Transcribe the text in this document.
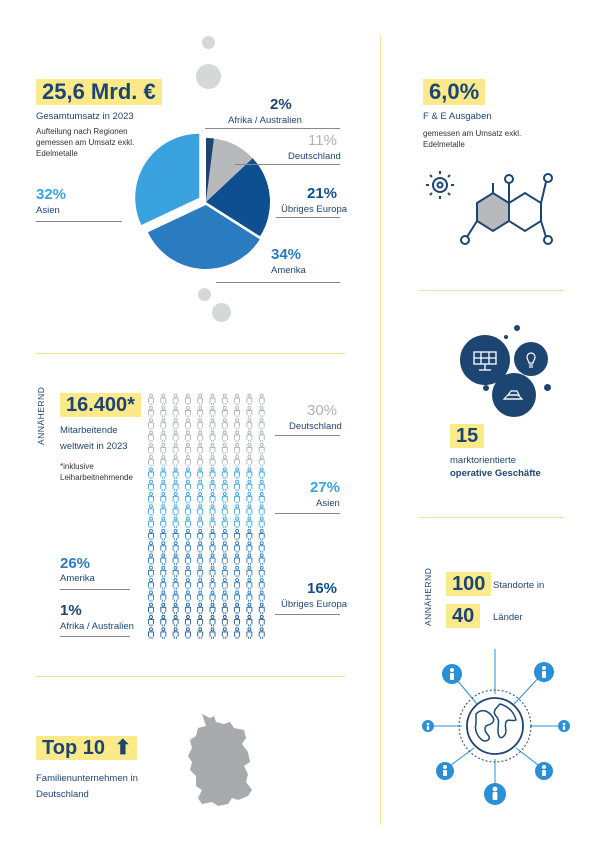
25,6 Mrd. €
Gesamtumsatz in 2023
Aufteilung nach Regionen gemessen am Umsatz exkl. Edelmetalle
2%
Afrika / Australien
11%
Deutschland
21%
Übriges Europa
34%
Amerika
32%
Asien
6,0%
F & E Ausgaben
gemessen am Umsatz exkl. Edelmetalle
15
marktorientierte
operative Geschäfte
ANNÄHERND	16.400*
Mitarbeitende weltweit in 2023
*inklusive Leiharbeitnehmende
30%
Deutschland
27%
Asien
26%
Amerika
1%
Afrika / Australien
16%
Übriges Europa	ANNÄHERND 100 Standorte in
40	Länder
Top 10 ⬆
Familienunternehmen in Deutschland
